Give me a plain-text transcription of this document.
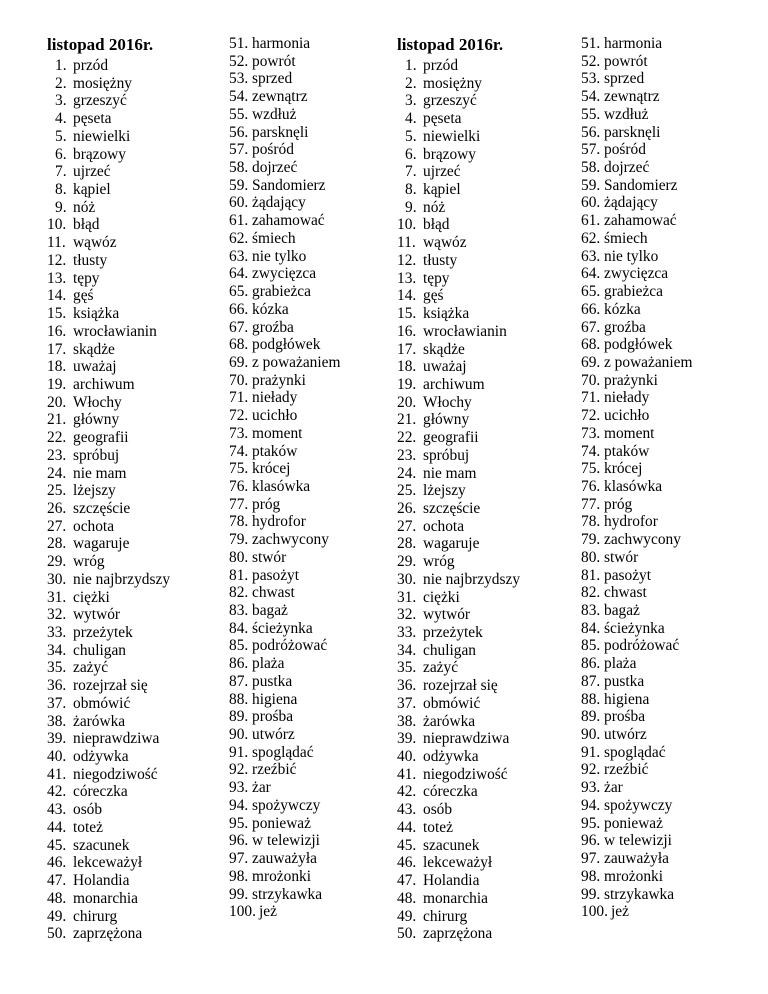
listopad 2016r.
1. przód
2. mosiężny
3. grzeszyć
4. pęseta
5. niewielki
6. brązowy
7. ujrzeć
8. kąpiel
9. nóż
10. błąd
11. wąwóz
12. tłusty
13. tępy
14. gęś
15. książka
16. wrocławianin
17. skądże
18. uważaj
19. archiwum
20. Włochy
21. główny
22. geografii
23. spróbuj
24. nie mam
25. lżejszy
26. szczęście
27. ochota
28. wagaruje
29. wróg
30. nie najbrzydszy
31. ciężki
32. wytwór
33. przeżytek
34. chuligan
35. zażyć
36. rozejrzał się
37. obmówić
38. żarówka
39. nieprawdziwa
40. odżywka
41. niegodziwość
42. córeczka
43. osób
44. toteż
45. szacunek
46. lekceważył
47. Holandia
48. monarchia
49. chirurg
50. zaprzężona
51. harmonia
52. powrót
53. sprzed
54. zewnątrz
55. wzdłuż
56. parsknęli
57. pośród
58. dojrzeć
59. Sandomierz
60. żądający
61. zahamować
62. śmiech
63. nie tylko
64. zwycięzca
65. grabieżca
66. kózka
67. groźba
68. podgłówek
69. z poważaniem
70. prażynki
71. niełady
72. ucichło
73. moment
74. ptaków
75. krócej
76. klasówka
77. próg
78. hydrofor
79. zachwycony
80. stwór
81. pasożyt
82. chwast
83. bagaż
84. ścieżynka
85. podróżować
86. plaża
87. pustka
88. higiena
89. prośba
90. utwórz
91. spoglądać
92. rzeźbić
93. żar
94. spożywczy
95. ponieważ
96. w telewizji
97. zauważyła
98. mrożonki
99. strzykawka
100. jeż
listopad 2016r.
1. przód
2. mosiężny
3. grzeszyć
4. pęseta
5. niewielki
6. brązowy
7. ujrzeć
8. kąpiel
9. nóż
10. błąd
11. wąwóz
12. tłusty
13. tępy
14. gęś
15. książka
16. wrocławianin
17. skądże
18. uważaj
19. archiwum
20. Włochy
21. główny
22. geografii
23. spróbuj
24. nie mam
25. lżejszy
26. szczęście
27. ochota
28. wagaruje
29. wróg
30. nie najbrzydszy
31. ciężki
32. wytwór
33. przeżytek
34. chuligan
35. zażyć
36. rozejrzał się
37. obmówić
38. żarówka
39. nieprawdziwa
40. odżywka
41. niegodziwość
42. córeczka
43. osób
44. toteż
45. szacunek
46. lekceważył
47. Holandia
48. monarchia
49. chirurg
50. zaprzężona
51. harmonia
52. powrót
53. sprzed
54. zewnątrz
55. wzdłuż
56. parsknęli
57. pośród
58. dojrzeć
59. Sandomierz
60. żądający
61. zahamować
62. śmiech
63. nie tylko
64. zwycięzca
65. grabieżca
66. kózka
67. groźba
68. podgłówek
69. z poważaniem
70. prażynki
71. niełady
72. ucichło
73. moment
74. ptaków
75. krócej
76. klasówka
77. próg
78. hydrofor
79. zachwycony
80. stwór
81. pasożyt
82. chwast
83. bagaż
84. ścieżynka
85. podróżować
86. plaża
87. pustka
88. higiena
89. prośba
90. utwórz
91. spoglądać
92. rzeźbić
93. żar
94. spożywczy
95. ponieważ
96. w telewizji
97. zauważyła
98. mrożonki
99. strzykawka
100. jeż
